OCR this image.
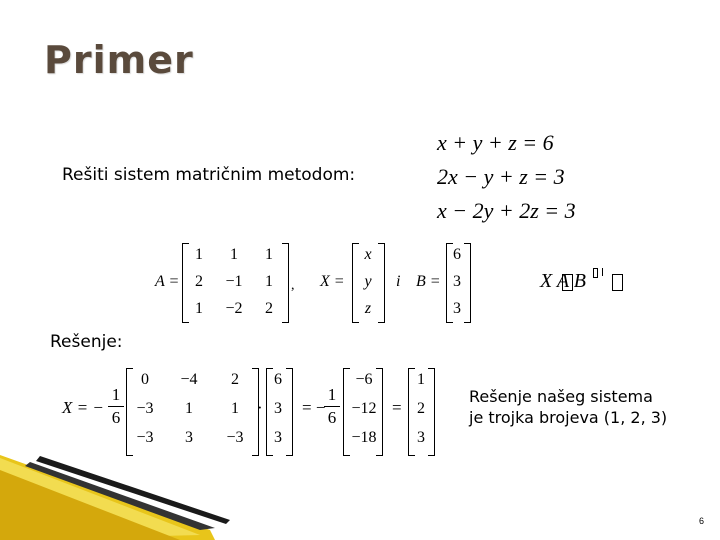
Primer
Rešiti sistem matričnim metodom:
x + y + z = 6
2x − y + z = 3
x − 2y + 2z = 3
A =
1	1	1
2	−1	1
1	−2	2
, X =
x
y
z
i B =
6
3
3
X A B
Rešenje:
X = −
1
6
0	−4	2
−3	1	1
−3	3	−3
·
6
3
3
= −
1
6
−6
−12
−18
=
1
2
3
Rešenje našeg sistema
je trojka brojeva (1, 2, 3)
6
